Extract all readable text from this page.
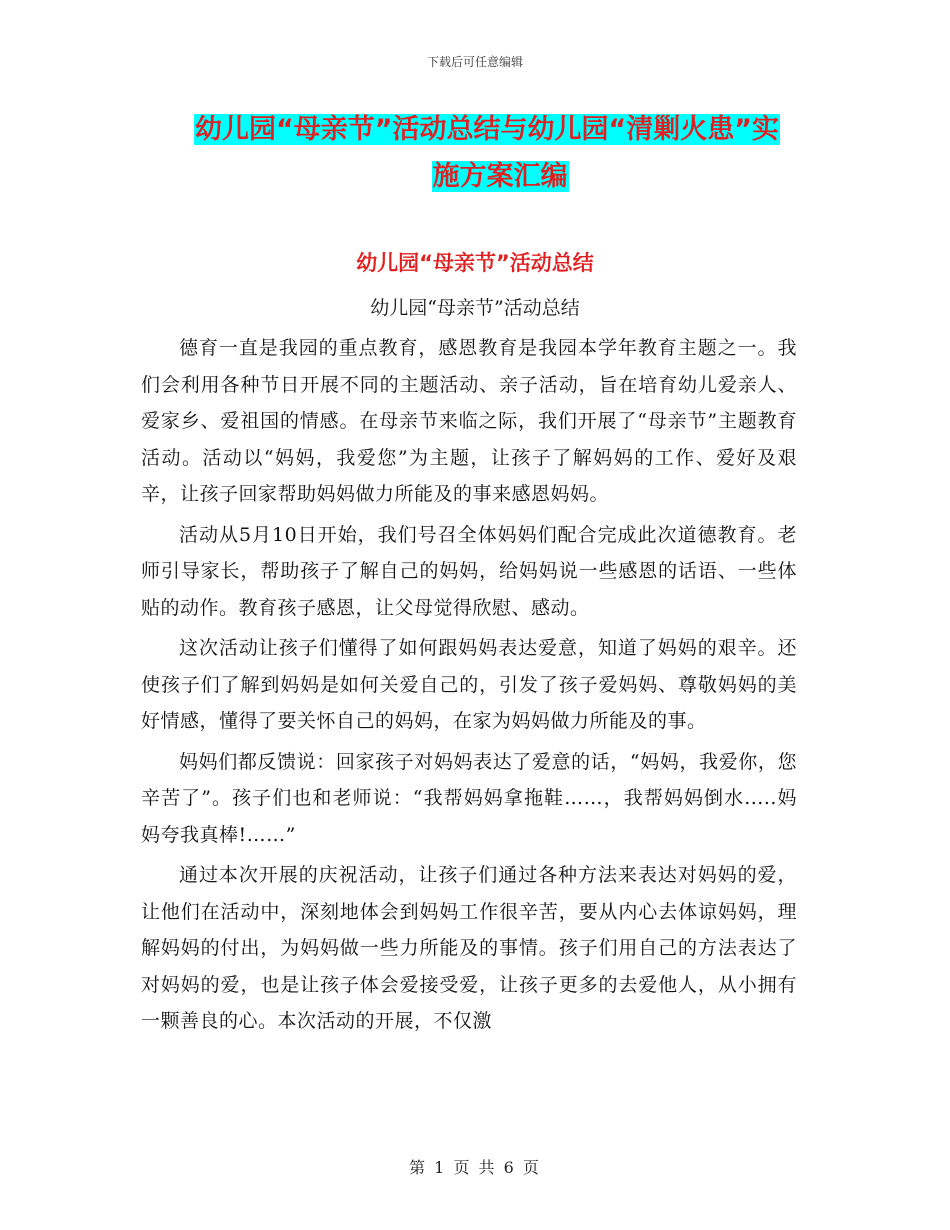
下载后可任意编辑
幼儿园“母亲节”活动总结与幼儿园“清剿火患”实
施方案汇编
幼儿园“母亲节”活动总结
幼儿园“母亲节”活动总结

德育一直是我园的重点教育，感恩教育是我园本学年教育主题之一。我们会利用各种节日开展不同的主题活动、亲子活动，旨在培育幼儿爱亲人、爱家乡、爱祖国的情感。在母亲节来临之际，我们开展了“母亲节”主题教育活动。活动以“妈妈，我爱您”为主题，让孩子了解妈妈的工作、爱好及艰辛，让孩子回家帮助妈妈做力所能及的事来感恩妈妈。

活动从5月10日开始，我们号召全体妈妈们配合完成此次道德教育。老师引导家长，帮助孩子了解自己的妈妈，给妈妈说一些感恩的话语、一些体贴的动作。教育孩子感恩，让父母觉得欣慰、感动。

这次活动让孩子们懂得了如何跟妈妈表达爱意，知道了妈妈的艰辛。还使孩子们了解到妈妈是如何关爱自己的，引发了孩子爱妈妈、尊敬妈妈的美好情感，懂得了要关怀自己的妈妈，在家为妈妈做力所能及的事。

妈妈们都反馈说：回家孩子对妈妈表达了爱意的话，“妈妈，我爱你，您辛苦了”。孩子们也和老师说：“我帮妈妈拿拖鞋……，我帮妈妈倒水.....妈妈夸我真棒!……”

通过本次开展的庆祝活动，让孩子们通过各种方法来表达对妈妈的爱，让他们在活动中，深刻地体会到妈妈工作很辛苦，要从内心去体谅妈妈，理解妈妈的付出，为妈妈做一些力所能及的事情。孩子们用自己的方法表达了对妈妈的爱，也是让孩子体会爱接受爱，让孩子更多的去爱他人，从小拥有一颗善良的心。本次活动的开展，不仅激

第 1 页 共 6 页
